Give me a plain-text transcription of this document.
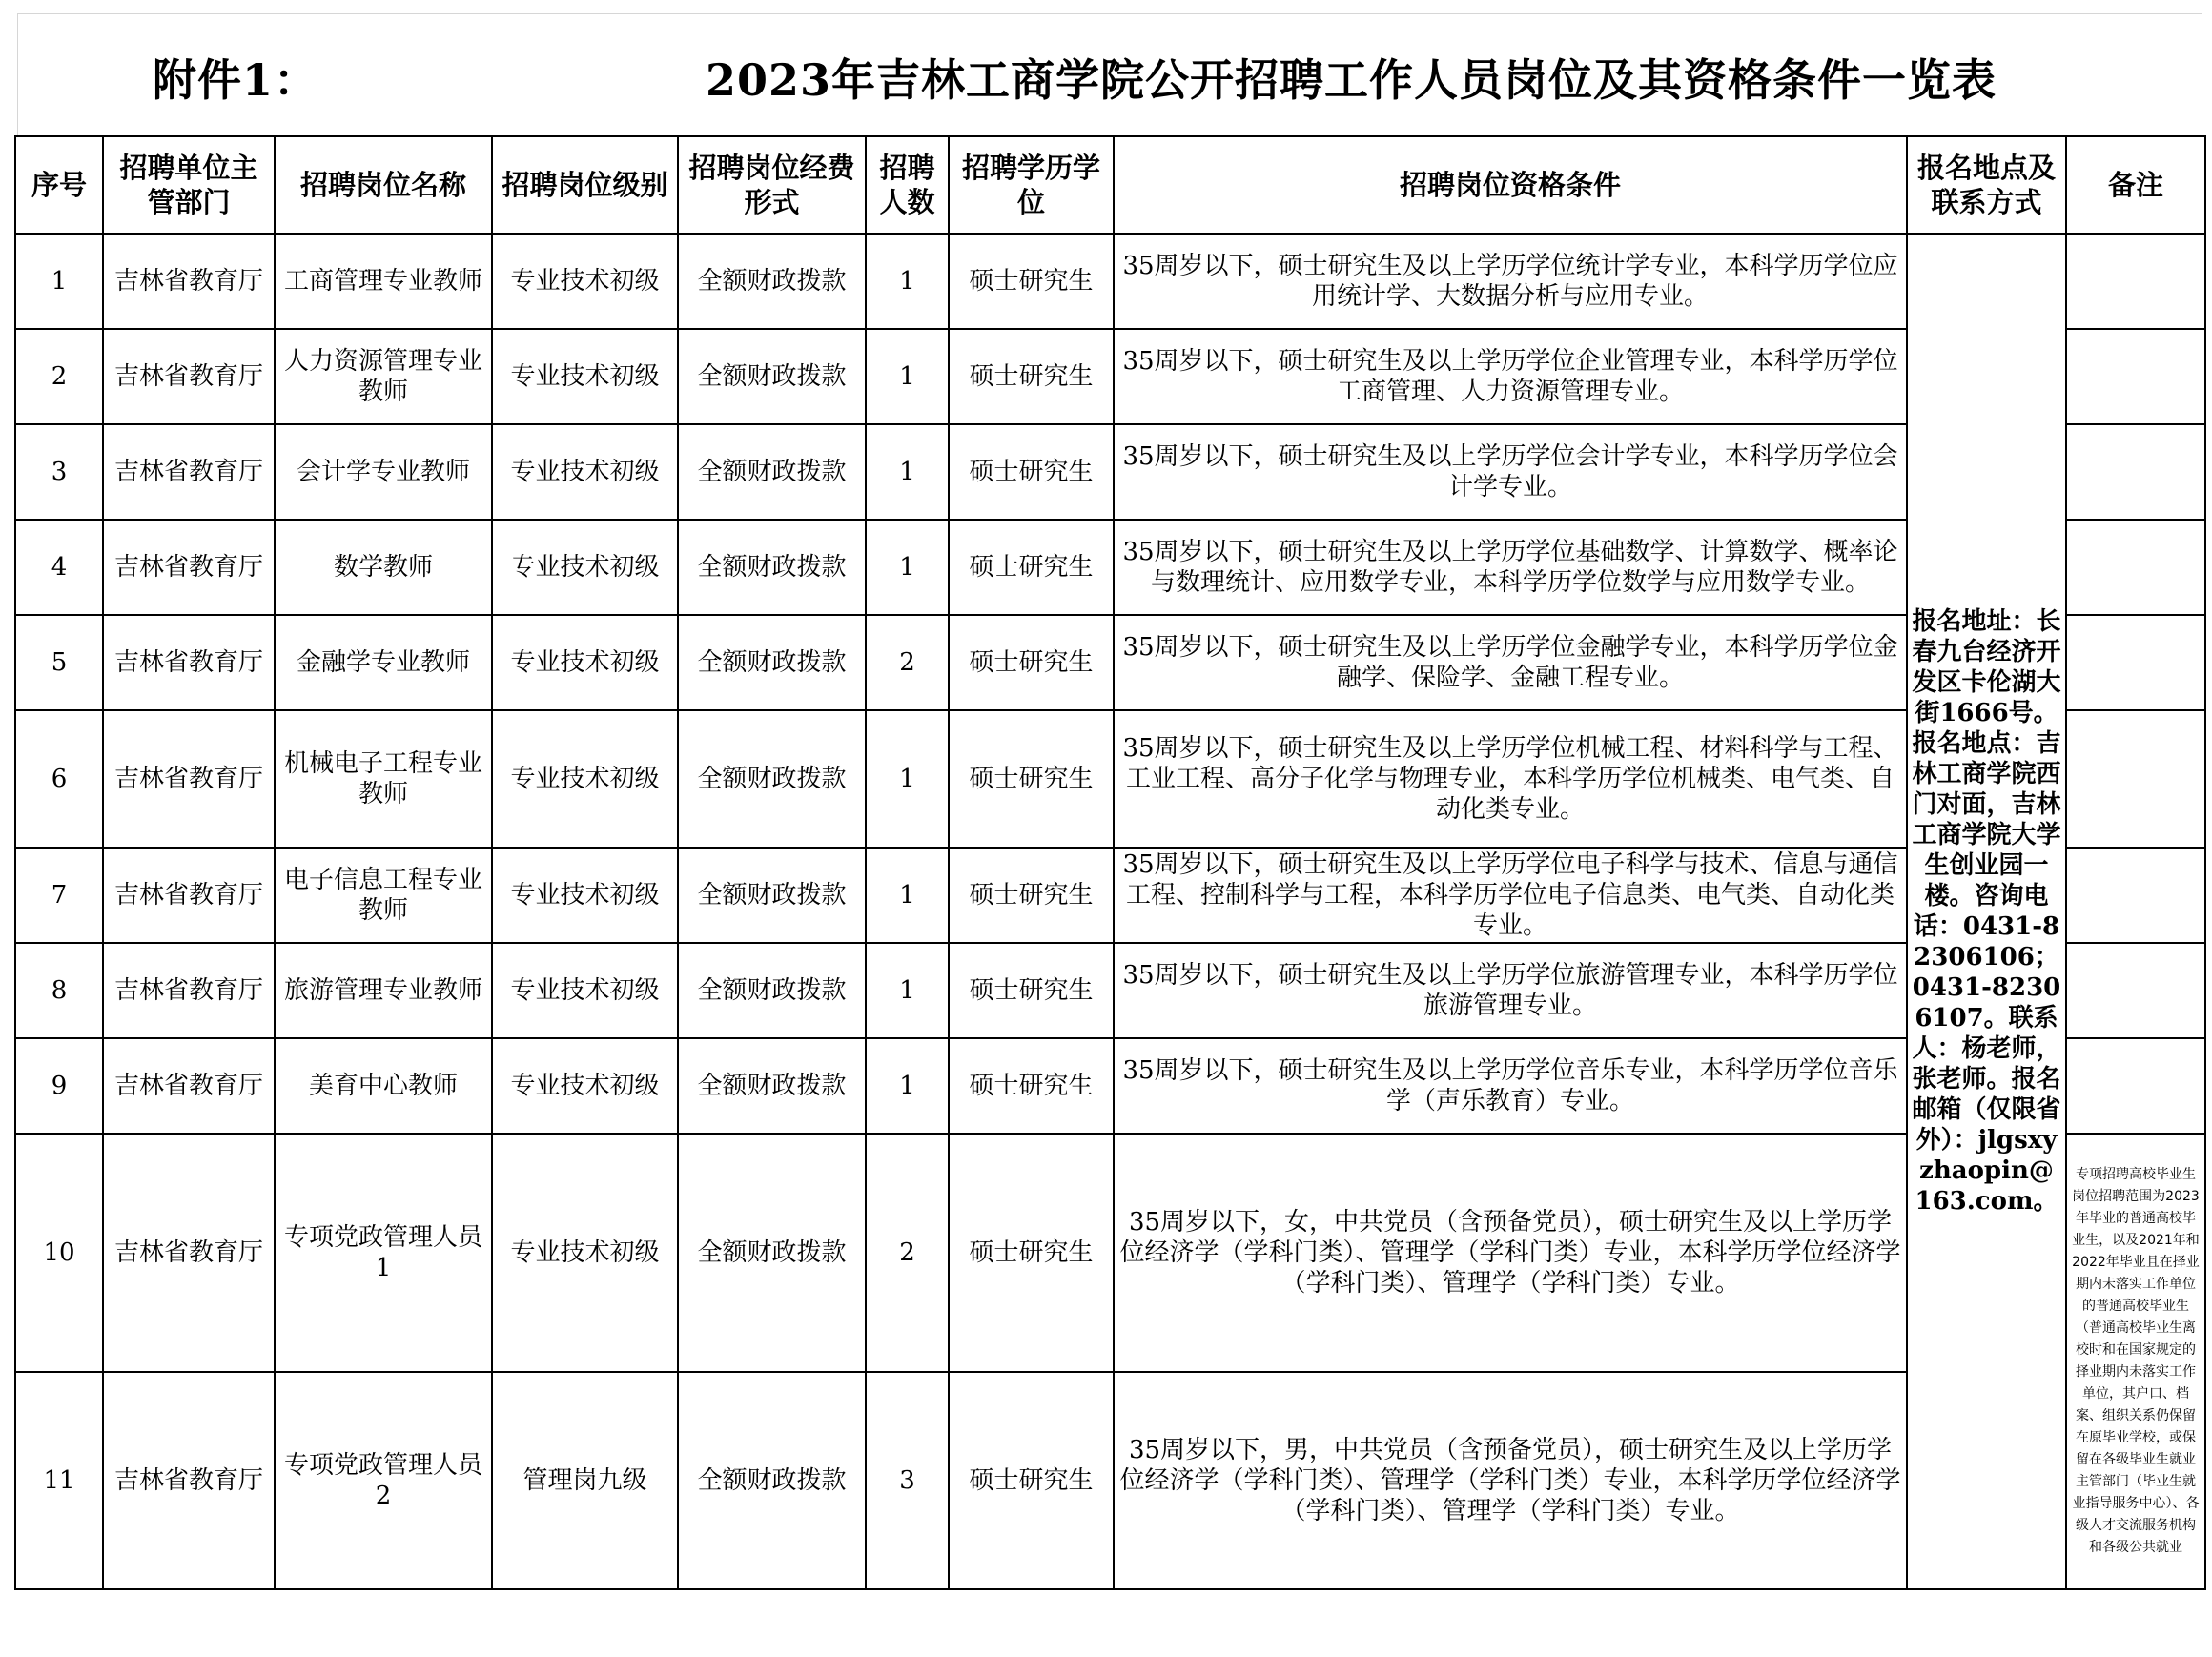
附件1：	2023年吉林工商学院公开招聘工作人员岗位及其资格条件一览表
序号	招聘单位主管部门	招聘岗位名称	招聘岗位级别	招聘岗位经费形式	招聘人数	招聘学历学位	招聘岗位资格条件	报名地点及联系方式	备注
1	吉林省教育厅	工商管理专业教师	专业技术初级	全额财政拨款	1	硕士研究生	35周岁以下，硕士研究生及以上学历学位统计学专业，本科学历学位应用统计学、大数据分析与应用专业。	报名地址：长春九台经济开发区卡伦湖大街1666号。报名地点：吉林工商学院西门对面，吉林工商学院大学生创业园一楼。咨询电话：0431-82306106；0431-82306107。联系人：杨老师，张老师。报名邮箱（仅限省外）：jlgsxyzhaopin@163.com。	
2	吉林省教育厅	人力资源管理专业教师	专业技术初级	全额财政拨款	1	硕士研究生	35周岁以下，硕士研究生及以上学历学位企业管理专业，本科学历学位工商管理、人力资源管理专业。		
3	吉林省教育厅	会计学专业教师	专业技术初级	全额财政拨款	1	硕士研究生	35周岁以下，硕士研究生及以上学历学位会计学专业，本科学历学位会计学专业。		
4	吉林省教育厅	数学教师	专业技术初级	全额财政拨款	1	硕士研究生	35周岁以下，硕士研究生及以上学历学位基础数学、计算数学、概率论与数理统计、应用数学专业，本科学历学位数学与应用数学专业。		
5	吉林省教育厅	金融学专业教师	专业技术初级	全额财政拨款	2	硕士研究生	35周岁以下，硕士研究生及以上学历学位金融学专业，本科学历学位金融学、保险学、金融工程专业。		
6	吉林省教育厅	机械电子工程专业教师	专业技术初级	全额财政拨款	1	硕士研究生	35周岁以下，硕士研究生及以上学历学位机械工程、材料科学与工程、工业工程、高分子化学与物理专业，本科学历学位机械类、电气类、自动化类专业。		
7	吉林省教育厅	电子信息工程专业教师	专业技术初级	全额财政拨款	1	硕士研究生	35周岁以下，硕士研究生及以上学历学位电子科学与技术、信息与通信工程、控制科学与工程，本科学历学位电子信息类、电气类、自动化类专业。		
8	吉林省教育厅	旅游管理专业教师	专业技术初级	全额财政拨款	1	硕士研究生	35周岁以下，硕士研究生及以上学历学位旅游管理专业，本科学历学位旅游管理专业。		
9	吉林省教育厅	美育中心教师	专业技术初级	全额财政拨款	1	硕士研究生	35周岁以下，硕士研究生及以上学历学位音乐专业，本科学历学位音乐学（声乐教育）专业。		
10	吉林省教育厅	专项党政管理人员1	专业技术初级	全额财政拨款	2	硕士研究生	35周岁以下，女，中共党员（含预备党员），硕士研究生及以上学历学位经济学（学科门类）、管理学（学科门类）专业，本科学历学位经济学（学科门类）、管理学（学科门类）专业。		专项招聘高校毕业生岗位招聘范围为2023年毕业的普通高校毕业生，以及2021年和2022年毕业且在择业期内未落实工作单位的普通高校毕业生（普通高校毕业生离校时和在国家规定的择业期内未落实工作单位，其户口、档案、组织关系仍保留在原毕业学校，或保留在各级毕业生就业主管部门（毕业生就业指导服务中心）、各级人才交流服务机构和各级公共就业

11	吉林省教育厅	专项党政管理人员2	管理岗九级	全额财政拨款	3	硕士研究生	35周岁以下，男，中共党员（含预备党员），硕士研究生及以上学历学位经济学（学科门类）、管理学（学科门类）专业，本科学历学位经济学（学科门类）、管理学（学科门类）专业。		
